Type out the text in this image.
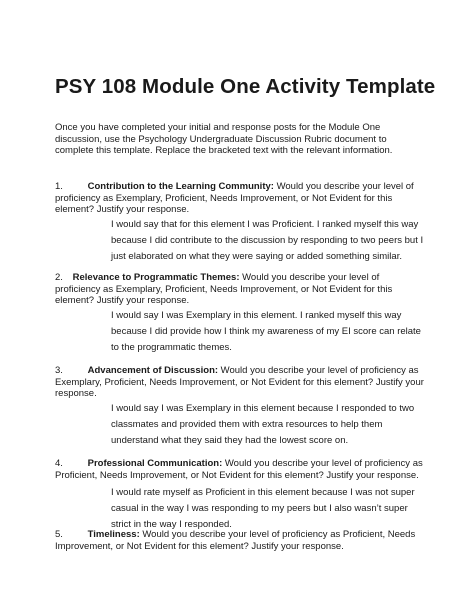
PSY 108 Module One Activity Template

Once you have completed your initial and response posts for the Module One discussion, use the Psychology Undergraduate Discussion Rubric document to complete this template. Replace the bracketed text with the relevant information.

1.	Contribution to the Learning Community: Would you describe your level of proficiency as Exemplary, Proficient, Needs Improvement, or Not Evident for this element? Justify your response.

I would say that for this element I was Proficient. I ranked myself this way because I did contribute to the discussion by responding to two peers but I just elaborated on what they were saying or added something similar.

2. Relevance to Programmatic Themes: Would you describe your level of proficiency as Exemplary, Proficient, Needs Improvement, or Not Evident for this element? Justify your response.

I would say I was Exemplary in this element. I ranked myself this way because I did provide how I think my awareness of my EI score can relate to the programmatic themes.

3.	Advancement of Discussion: Would you describe your level of proficiency as Exemplary, Proficient, Needs Improvement, or Not Evident for this element? Justify your response.

I would say I was Exemplary in this element because I responded to two classmates and provided them with extra resources to help them understand what they said they had the lowest score on.

4.	Professional Communication: Would you describe your level of proficiency as Proficient, Needs Improvement, or Not Evident for this element? Justify your response.

I would rate myself as Proficient in this element because I was not super casual in the way I was responding to my peers but I also wasn’t super strict in the way I responded.

5.	Timeliness: Would you describe your level of proficiency as Proficient, Needs Improvement, or Not Evident for this element? Justify your response.
